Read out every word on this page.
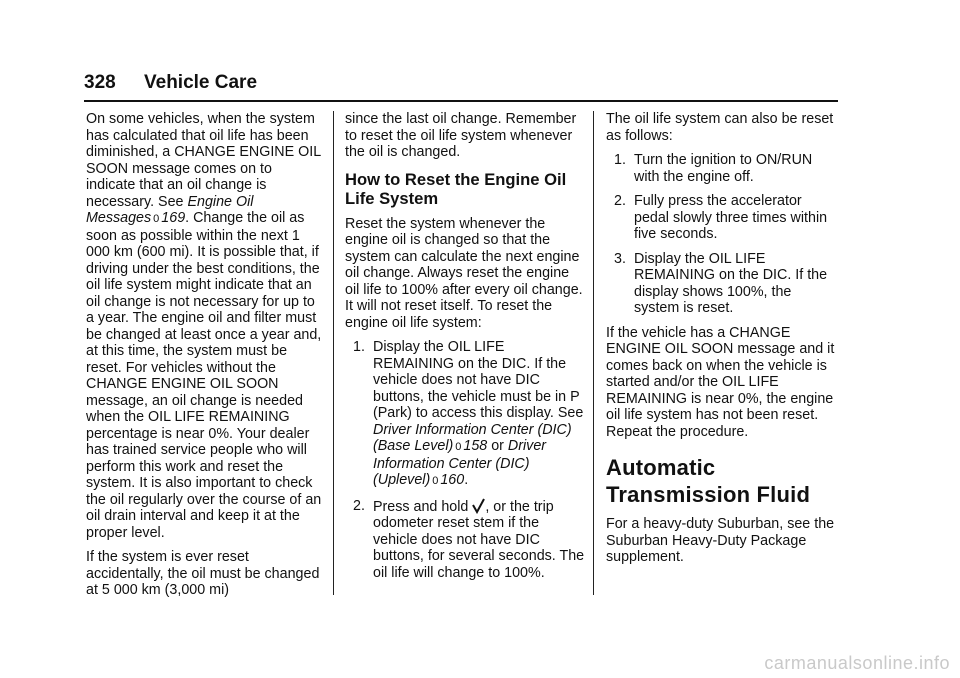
328 Vehicle Care

On some vehicles, when the system has calculated that oil life has been diminished, a CHANGE ENGINE OIL SOON message comes on to indicate that an oil change is necessary. See Engine Oil Messages 0 169. Change the oil as soon as possible within the next 1 000 km (600 mi). It is possible that, if driving under the best conditions, the oil life system might indicate that an oil change is not necessary for up to a year. The engine oil and filter must be changed at least once a year and, at this time, the system must be reset. For vehicles without the CHANGE ENGINE OIL SOON message, an oil change is needed when the OIL LIFE REMAINING percentage is near 0%. Your dealer has trained service people who will perform this work and reset the system. It is also important to check the oil regularly over the course of an oil drain interval and keep it at the proper level.

If the system is ever reset accidentally, the oil must be changed at 5 000 km (3,000 mi)

since the last oil change. Remember to reset the oil life system whenever the oil is changed.

How to Reset the Engine Oil Life System

Reset the system whenever the engine oil is changed so that the system can calculate the next engine oil change. Always reset the engine oil life to 100% after every oil change. It will not reset itself. To reset the engine oil life system:

1. Display the OIL LIFE REMAINING on the DIC. If the vehicle does not have DIC buttons, the vehicle must be in P (Park) to access this display. See Driver Information Center (DIC) (Base Level) 0 158 or Driver Information Center (DIC) (Uplevel) 0 160.
2. Press and hold , or the trip odometer reset stem if the vehicle does not have DIC buttons, for several seconds. The oil life will change to 100%.

The oil life system can also be reset as follows:

1. Turn the ignition to ON/RUN with the engine off.
2. Fully press the accelerator pedal slowly three times within five seconds.
3. Display the OIL LIFE REMAINING on the DIC. If the display shows 100%, the system is reset.

If the vehicle has a CHANGE ENGINE OIL SOON message and it comes back on when the vehicle is started and/or the OIL LIFE REMAINING is near 0%, the engine oil life system has not been reset. Repeat the procedure.

Automatic Transmission Fluid

For a heavy-duty Suburban, see the Suburban Heavy-Duty Package supplement.

carmanualsonline.info
